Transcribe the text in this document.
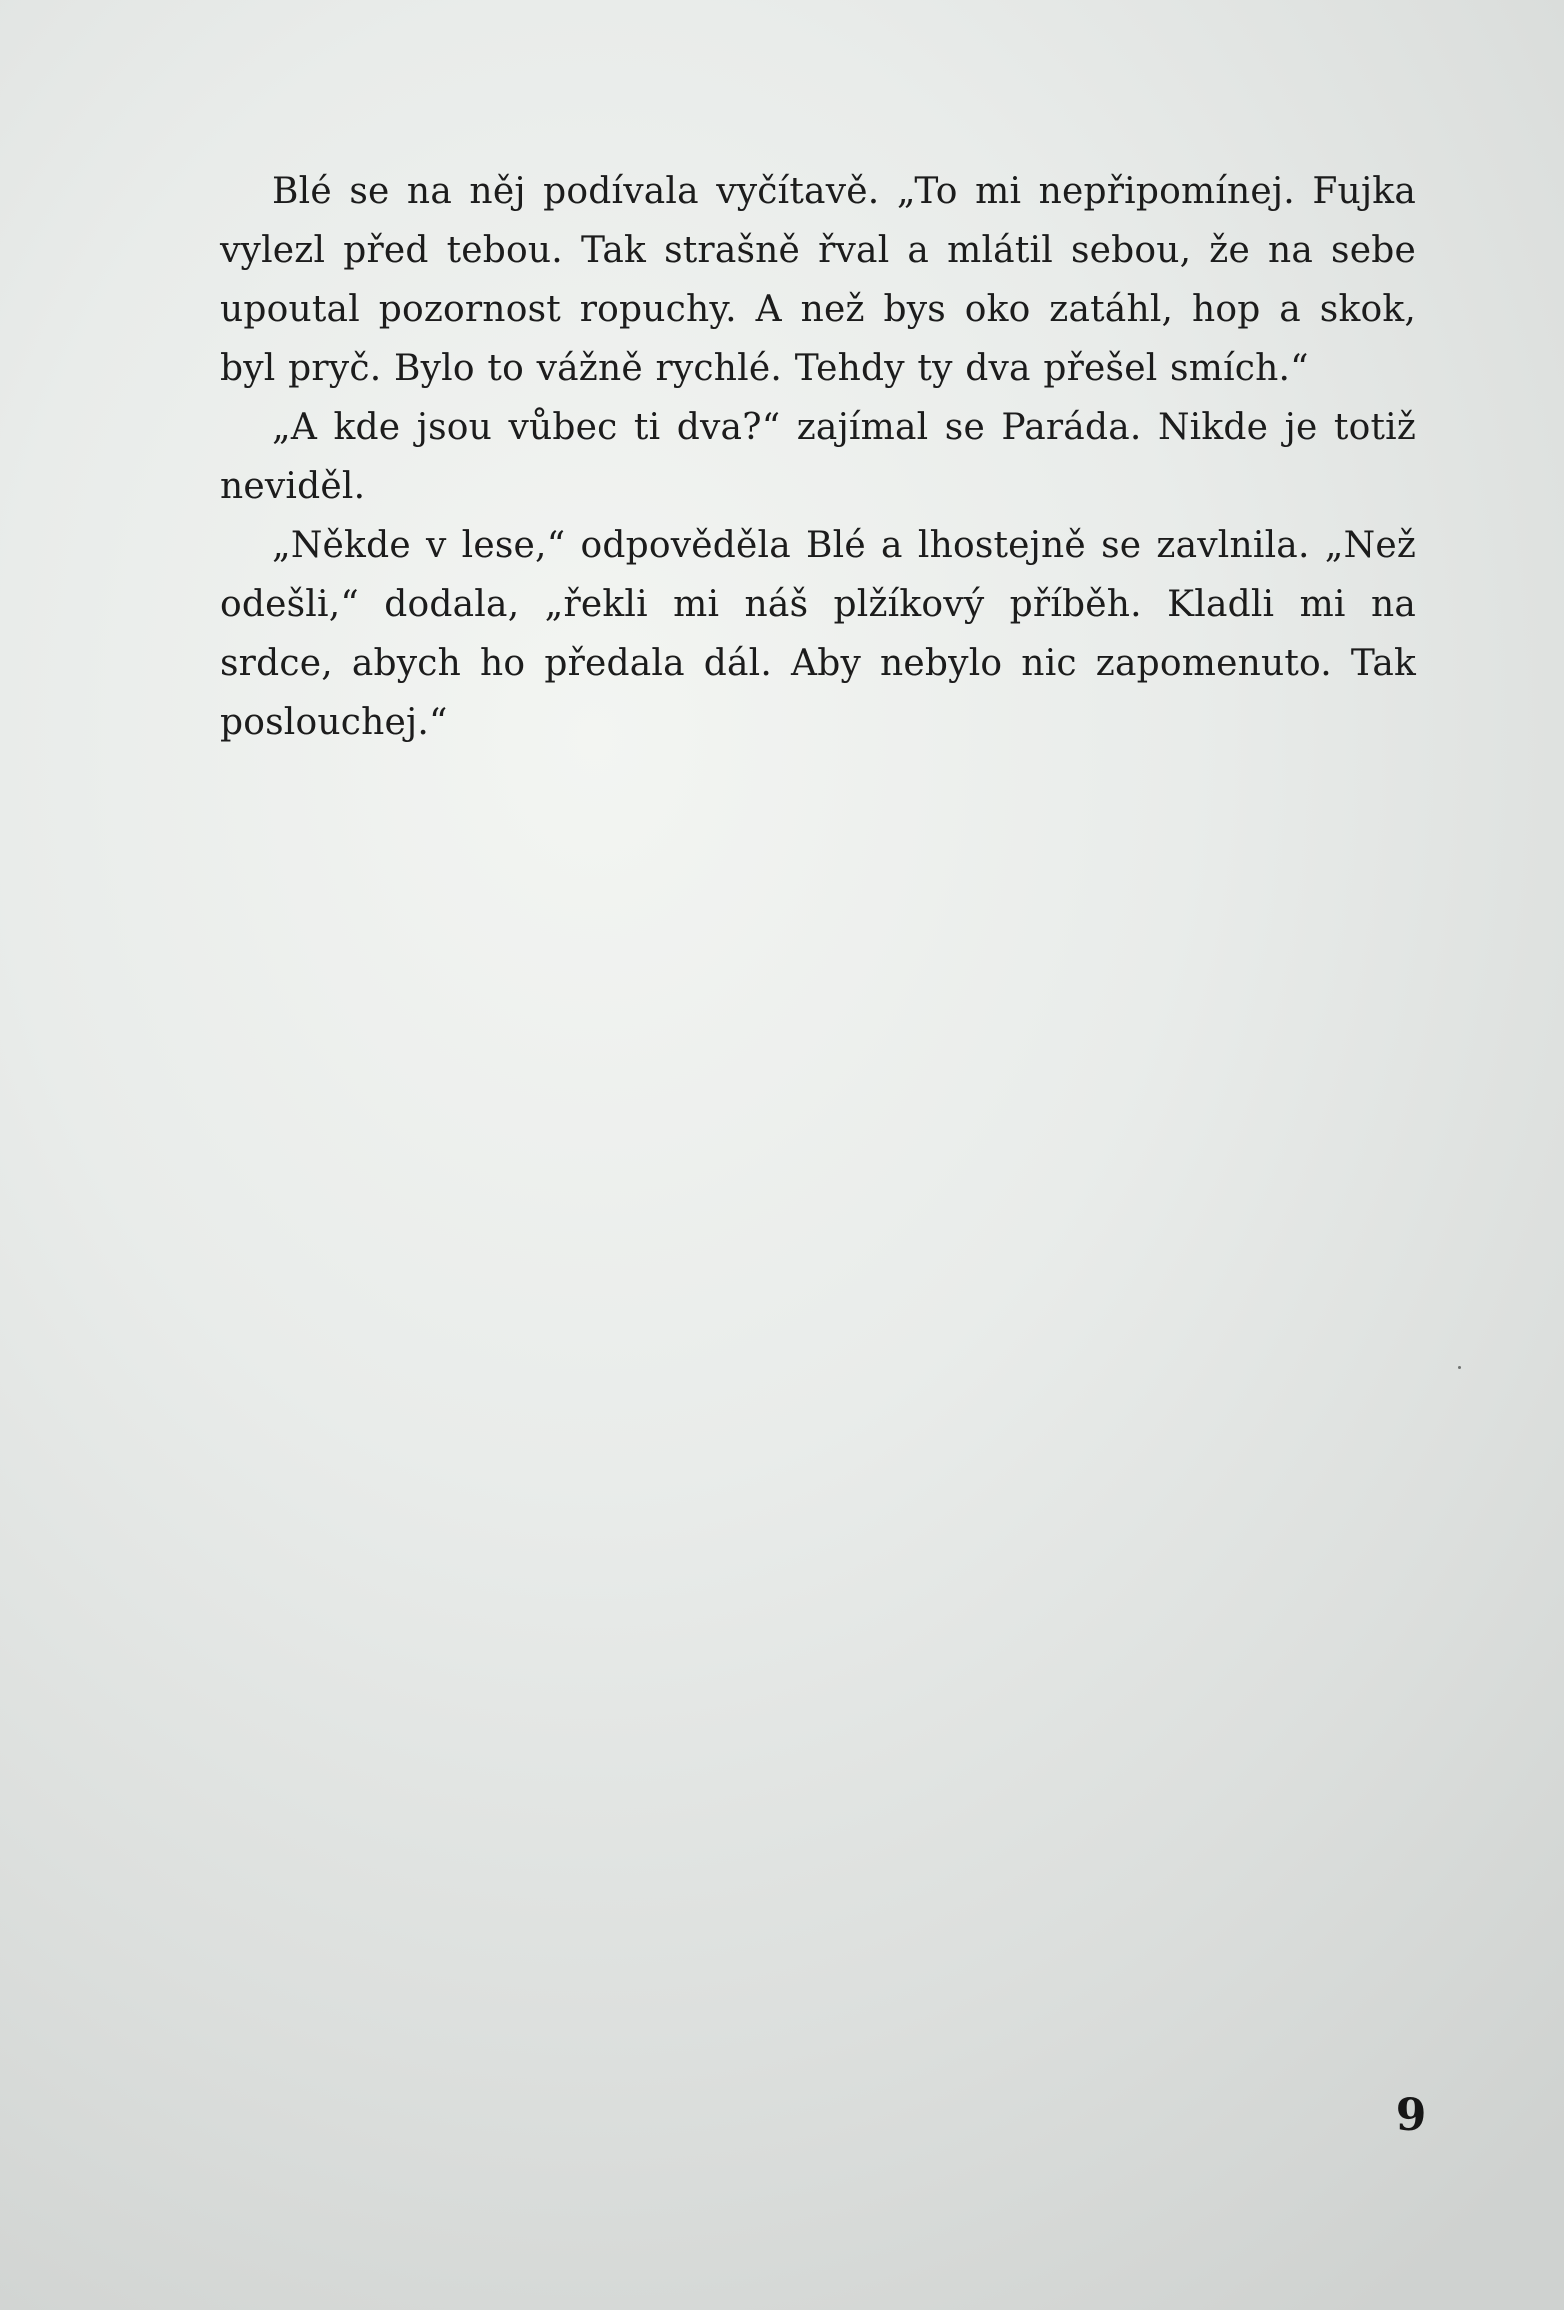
Blé se na něj podívala vyčítavě. „To mi nepřipomínej. Fujka vylezl před tebou. Tak strašně řval a mlátil sebou, že na sebe upoutal pozornost ropuchy. A než bys oko zatáhl, hop a skok, byl pryč. Bylo to vážně rychlé. Tehdy ty dva přešel smích.“

„A kde jsou vůbec ti dva?“ zajímal se Paráda. Nikde je totiž neviděl.

„Někde v lese,“ odpověděla Blé a lhostejně se zavlnila. „Než odešli,“ dodala, „řekli mi náš plžíkový příběh. Kladli mi na srdce, abych ho předala dál. Aby nebylo nic zapomenuto. Tak poslouchej.“

9
